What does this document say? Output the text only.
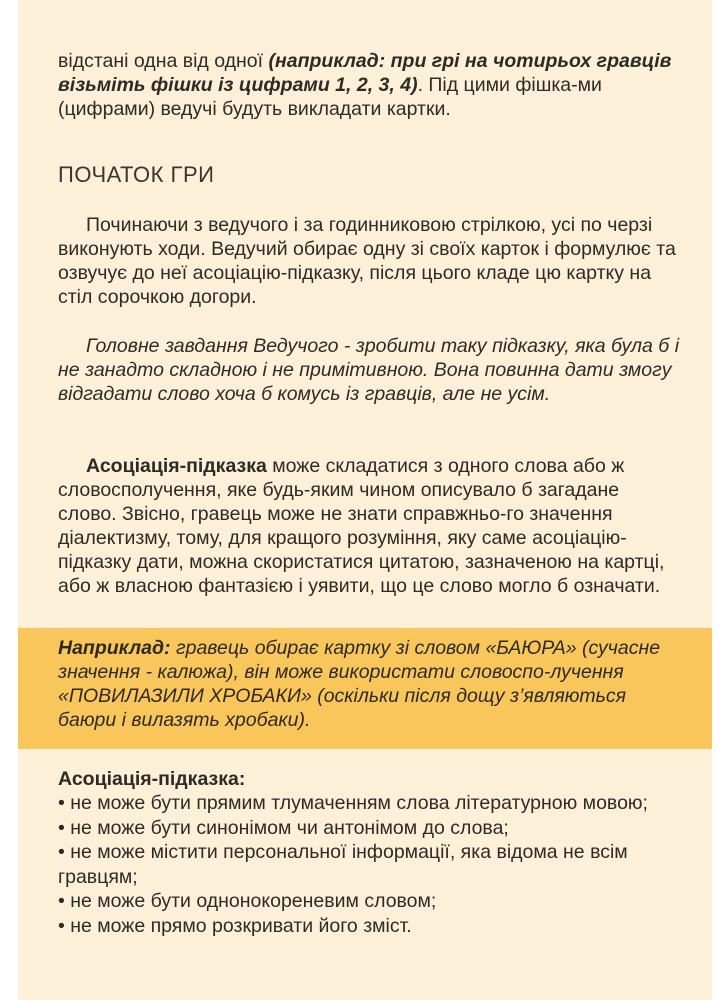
відстані одна від одної (наприклад: при грі на чотирьох гравців візьміть фішки із цифрами 1, 2, 3, 4). Під цими фішка-ми (цифрами) ведучі будуть викладати картки.

ПОЧАТОК ГРИ

Починаючи з ведучого і за годинниковою стрілкою, усі по черзі виконують ходи. Ведучий обирає одну зі своїх карток і формулює та озвучує до неї асоціацію-підказку, після цього кладе цю картку на стіл сорочкою догори.

Головне завдання Ведучого - зробити таку підказку, яка була б і не занадто складною і не примітивною. Вона повинна дати змогу відгадати слово хоча б комусь із гравців, але не усім.

Асоціація-підказка може складатися з одного слова або ж словосполучення, яке будь-яким чином описувало б загадане слово. Звісно, гравець може не знати справжньо-го значення діалектизму, тому, для кращого розуміння, яку саме асоціацію-підказку дати, можна скористатися цитатою, зазначеною на картці, або ж власною фантазією і уявити, що це слово могло б означати.

Наприклад: гравець обирає картку зі словом «БАЮРА» (сучасне значення - калюжа), він може використати словоспо-лучення «ПОВИЛАЗИЛИ ХРОБАКИ» (оскільки після дощу з’являються баюри і вилазять хробаки).

Асоціація-підказка:

• не може бути прямим тлумаченням слова літературною мовою;
• не може бути синонімом чи антонімом до слова;
• не може містити персональної інформації, яка відома не всім гравцям;
• не може бути однонокореневим словом;
• не може прямо розкривати його зміст.
